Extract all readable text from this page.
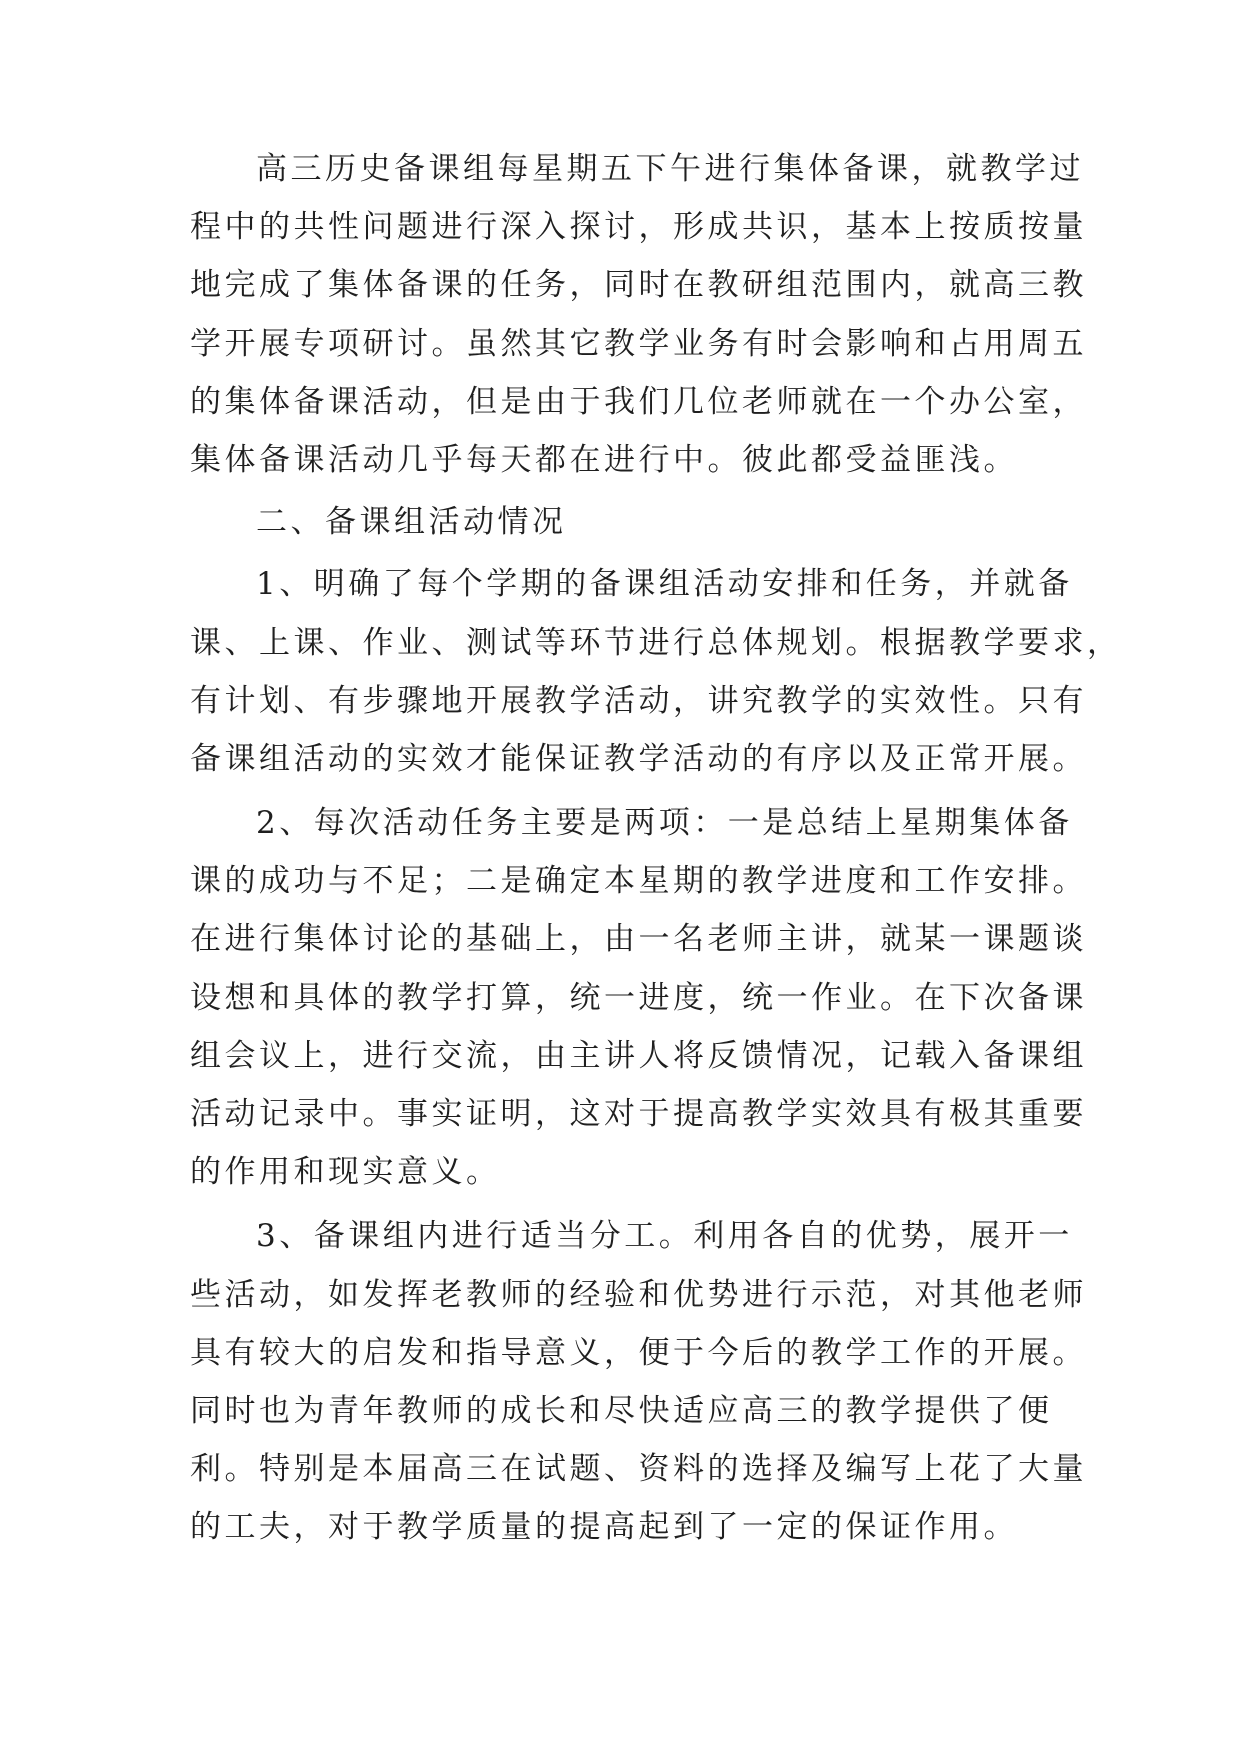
高三历史备课组每星期五下午进行集体备课，就教学过
程中的共性问题进行深入探讨，形成共识，基本上按质按量
地完成了集体备课的任务，同时在教研组范围内，就高三教
学开展专项研讨。虽然其它教学业务有时会影响和占用周五
的集体备课活动，但是由于我们几位老师就在一个办公室，
集体备课活动几乎每天都在进行中。彼此都受益匪浅。

二、备课组活动情况

1、明确了每个学期的备课组活动安排和任务，并就备
课、上课、作业、测试等环节进行总体规划。根据教学要求，
有计划、有步骤地开展教学活动，讲究教学的实效性。只有
备课组活动的实效才能保证教学活动的有序以及正常开展。

2、每次活动任务主要是两项：一是总结上星期集体备
课的成功与不足；二是确定本星期的教学进度和工作安排。
在进行集体讨论的基础上，由一名老师主讲，就某一课题谈
设想和具体的教学打算，统一进度，统一作业。在下次备课
组会议上，进行交流，由主讲人将反馈情况，记载入备课组
活动记录中。事实证明，这对于提高教学实效具有极其重要
的作用和现实意义。

3、备课组内进行适当分工。利用各自的优势，展开一
些活动，如发挥老教师的经验和优势进行示范，对其他老师
具有较大的启发和指导意义，便于今后的教学工作的开展。
同时也为青年教师的成长和尽快适应高三的教学提供了便
利。特别是本届高三在试题、资料的选择及编写上花了大量
的工夫，对于教学质量的提高起到了一定的保证作用。
